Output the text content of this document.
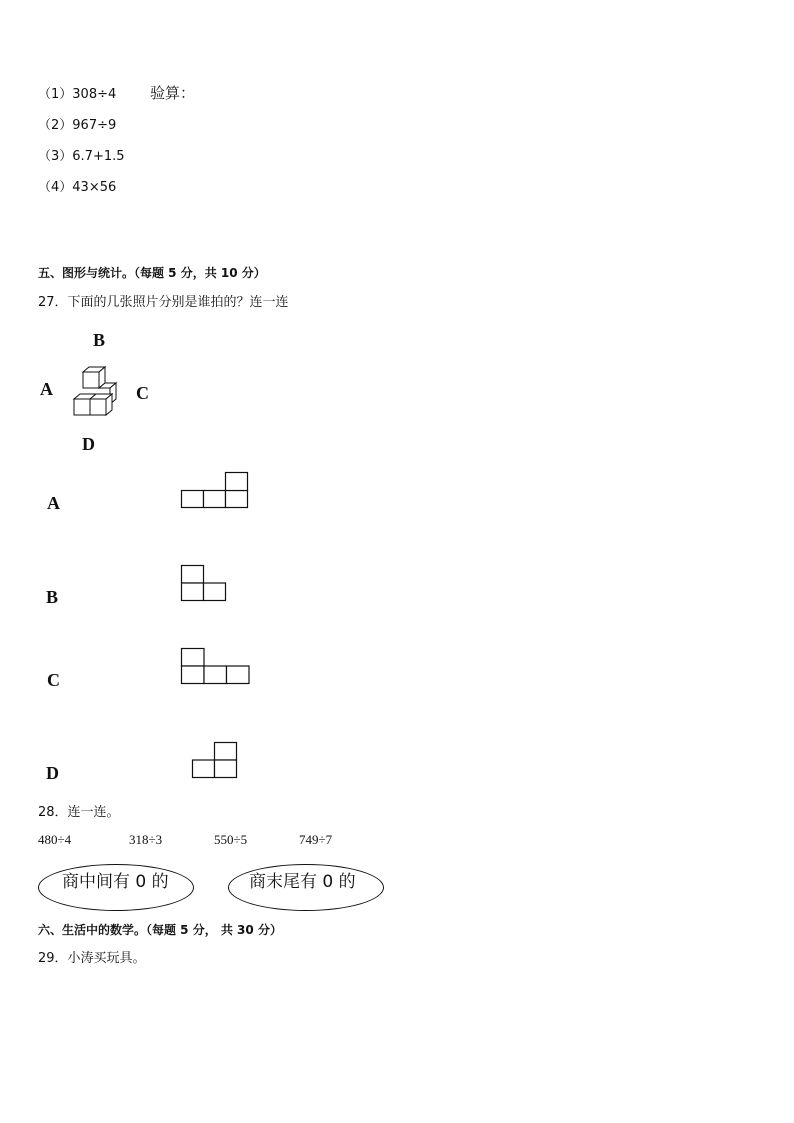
（1）308÷4 验算：
（2）967÷9
（3）6.7+1.5
（4）43×56
五、图形与统计。（每题 5 分，共 10 分）
27．下面的几张照片分别是谁拍的？连一连
B
A	C
D
A
B
C
D
28．连一连。
480÷4	318÷3	550÷5	749÷7
商中间有 0 的	商末尾有 0 的
六、生活中的数学。（每题 5 分， 共 30 分）
29．小涛买玩具。
